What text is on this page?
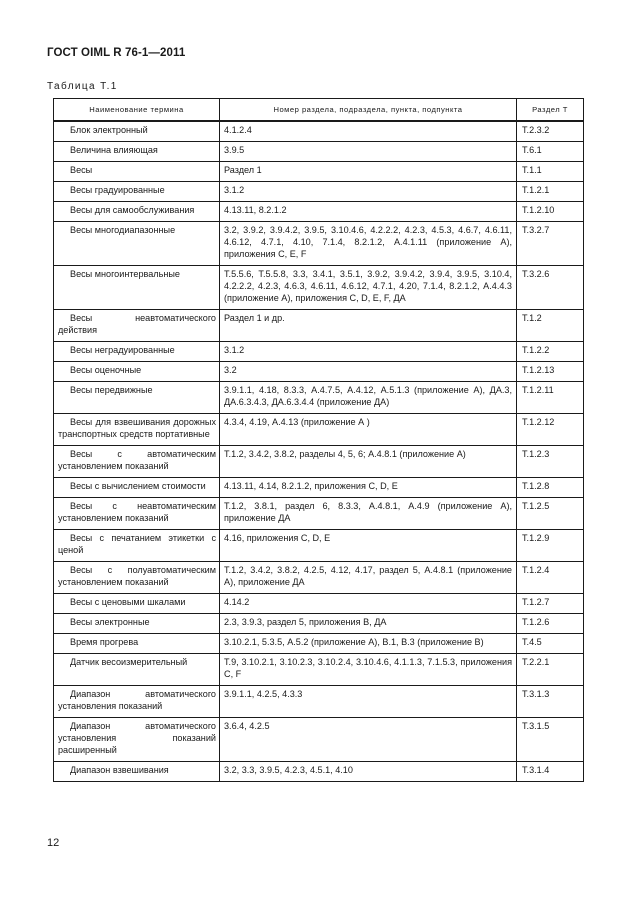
ГОСТ OIML R 76-1—2011
Таблица Т.1
Наименование термина	Номер раздела, подраздела, пункта, подпункта	Раздел Т
Блок электронный	4.1.2.4	Т.2.3.2
Величина влияющая	3.9.5	Т.6.1
Весы	Раздел 1	Т.1.1
Весы градуированные	3.1.2	Т.1.2.1
Весы для самообслуживания	4.13.11, 8.2.1.2	Т.1.2.10
Весы многодиапазонные	3.2, 3.9.2, 3.9.4.2, 3.9.5, 3.10.4.6, 4.2.2.2, 4.2.3, 4.5.3, 4.6.7, 4.6.11, 4.6.12, 4.7.1, 4.10, 7.1.4, 8.2.1.2, А.4.1.11 (приложение А), приложения С, Е, F	Т.3.2.7
Весы многоинтервальные	Т.5.5.6, Т.5.5.8, 3.3, 3.4.1, 3.5.1, 3.9.2, 3.9.4.2, 3.9.4, 3.9.5, 3.10.4, 4.2.2.2, 4.2.3, 4.6.3, 4.6.11, 4.6.12, 4.7.1, 4.20, 7.1.4, 8.2.1.2, А.4.4.3 (приложение А), приложения С, D, Е, F, ДА	Т.3.2.6
Весы неавтоматического действия	Раздел 1 и др.	Т.1.2
Весы неградуированные	3.1.2	Т.1.2.2
Весы оценочные	3.2	Т.1.2.13
Весы передвижные	3.9.1.1, 4.18, 8.3.3, А.4.7.5, А.4.12, А.5.1.3 (приложение А), ДА.3, ДА.6.3.4.3, ДА.6.3.4.4 (приложение ДА)	Т.1.2.11
Весы для взвешивания дорожных транспортных средств портативные	4.3.4, 4.19, А.4.13 (приложение А )	Т.1.2.12
Весы с автоматическим установлением показаний	Т.1.2, 3.4.2, 3.8.2, разделы 4, 5, 6; А.4.8.1 (приложение А)	Т.1.2.3
Весы с вычислением стоимости	4.13.11, 4.14, 8.2.1.2, приложения С, D, Е	Т.1.2.8
Весы с неавтоматическим установлением показаний	Т.1.2, 3.8.1, раздел 6, 8.3.3, А.4.8.1, А.4.9 (приложение А), приложение ДА	Т.1.2.5
Весы с печатанием этикетки с ценой	4.16, приложения С, D, Е	Т.1.2.9
Весы с полуавтоматическим установлением показаний	Т.1.2, 3.4.2, 3.8.2, 4.2.5, 4.12, 4.17, раздел 5, А.4.8.1 (приложение А), приложение ДА	Т.1.2.4
Весы с ценовыми шкалами	4.14.2	Т.1.2.7
Весы электронные	2.3, 3.9.3, раздел 5, приложения В, ДА	Т.1.2.6
Время прогрева	3.10.2.1, 5.3.5, А.5.2 (приложение А), В.1, В.3 (приложение В)	Т.4.5
Датчик весоизмерительный	Т.9, 3.10.2.1, 3.10.2.3, 3.10.2.4, 3.10.4.6, 4.1.1.3, 7.1.5.3, приложения С, F	Т.2.2.1
Диапазон автоматического установления показаний	3.9.1.1, 4.2.5, 4.3.3	Т.3.1.3
Диапазон автоматического установления показаний расширенный	3.6.4, 4.2.5	Т.3.1.5
Диапазон взвешивания	3.2, 3.3, 3.9.5, 4.2.3, 4.5.1, 4.10	Т.3.1.4
12
